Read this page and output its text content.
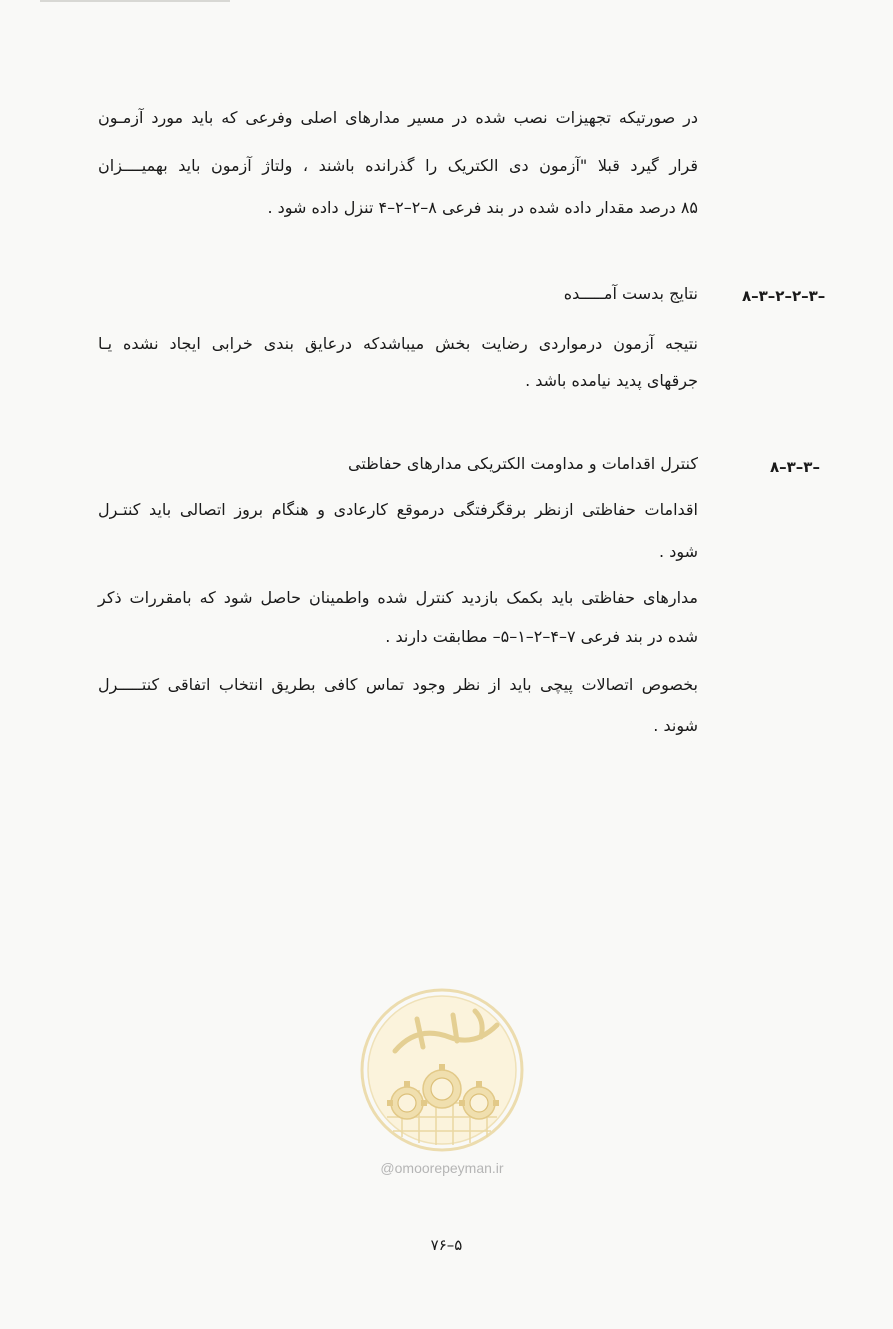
در صورتیکه تجهیزات نصب شده در مسیر مدارهای اصلی وفرعی که باید مورد آزمـون
قرار گیرد قبلا "آزمون دی الکتریک را گذرانده باشند ، ولتاژ آزمون باید بهمیــــزان
۸۵ درصد مقدار داده شده در بند فرعی ۸–۲–۲–۴ تنزل داده شود .
۸–۳–۲–۲–۳–
نتایج بدست آمـــــده
نتیجه آزمون درمواردی رضایت بخش میباشدکه درعایق بندی خرابی ایجاد نشده یـا
جرقهای پدید نیامده باشد .
۸–۳–۳–
کنترل اقدامات و مداومت الکتریکی مدارهای حفاظتی
اقدامات حفاظتی ازنظر برقگرفتگی درموقع کارعادی و هنگام بروز اتصالی باید کنتـرل
شود .
مدارهای حفاظتی باید بکمک بازدید کنترل شده واطمینان حاصل شود که بامقررات ذکر
شده در بند فرعی ۷–۴–۲–۱–۵– مطابقت دارند .
بخصوص اتصالات پیچی باید از نظر وجود تماس کافی بطریق انتخاب اتفاقی کنتـــــرل
شوند .
@omoorepeyman.ir
۷۶–۵
